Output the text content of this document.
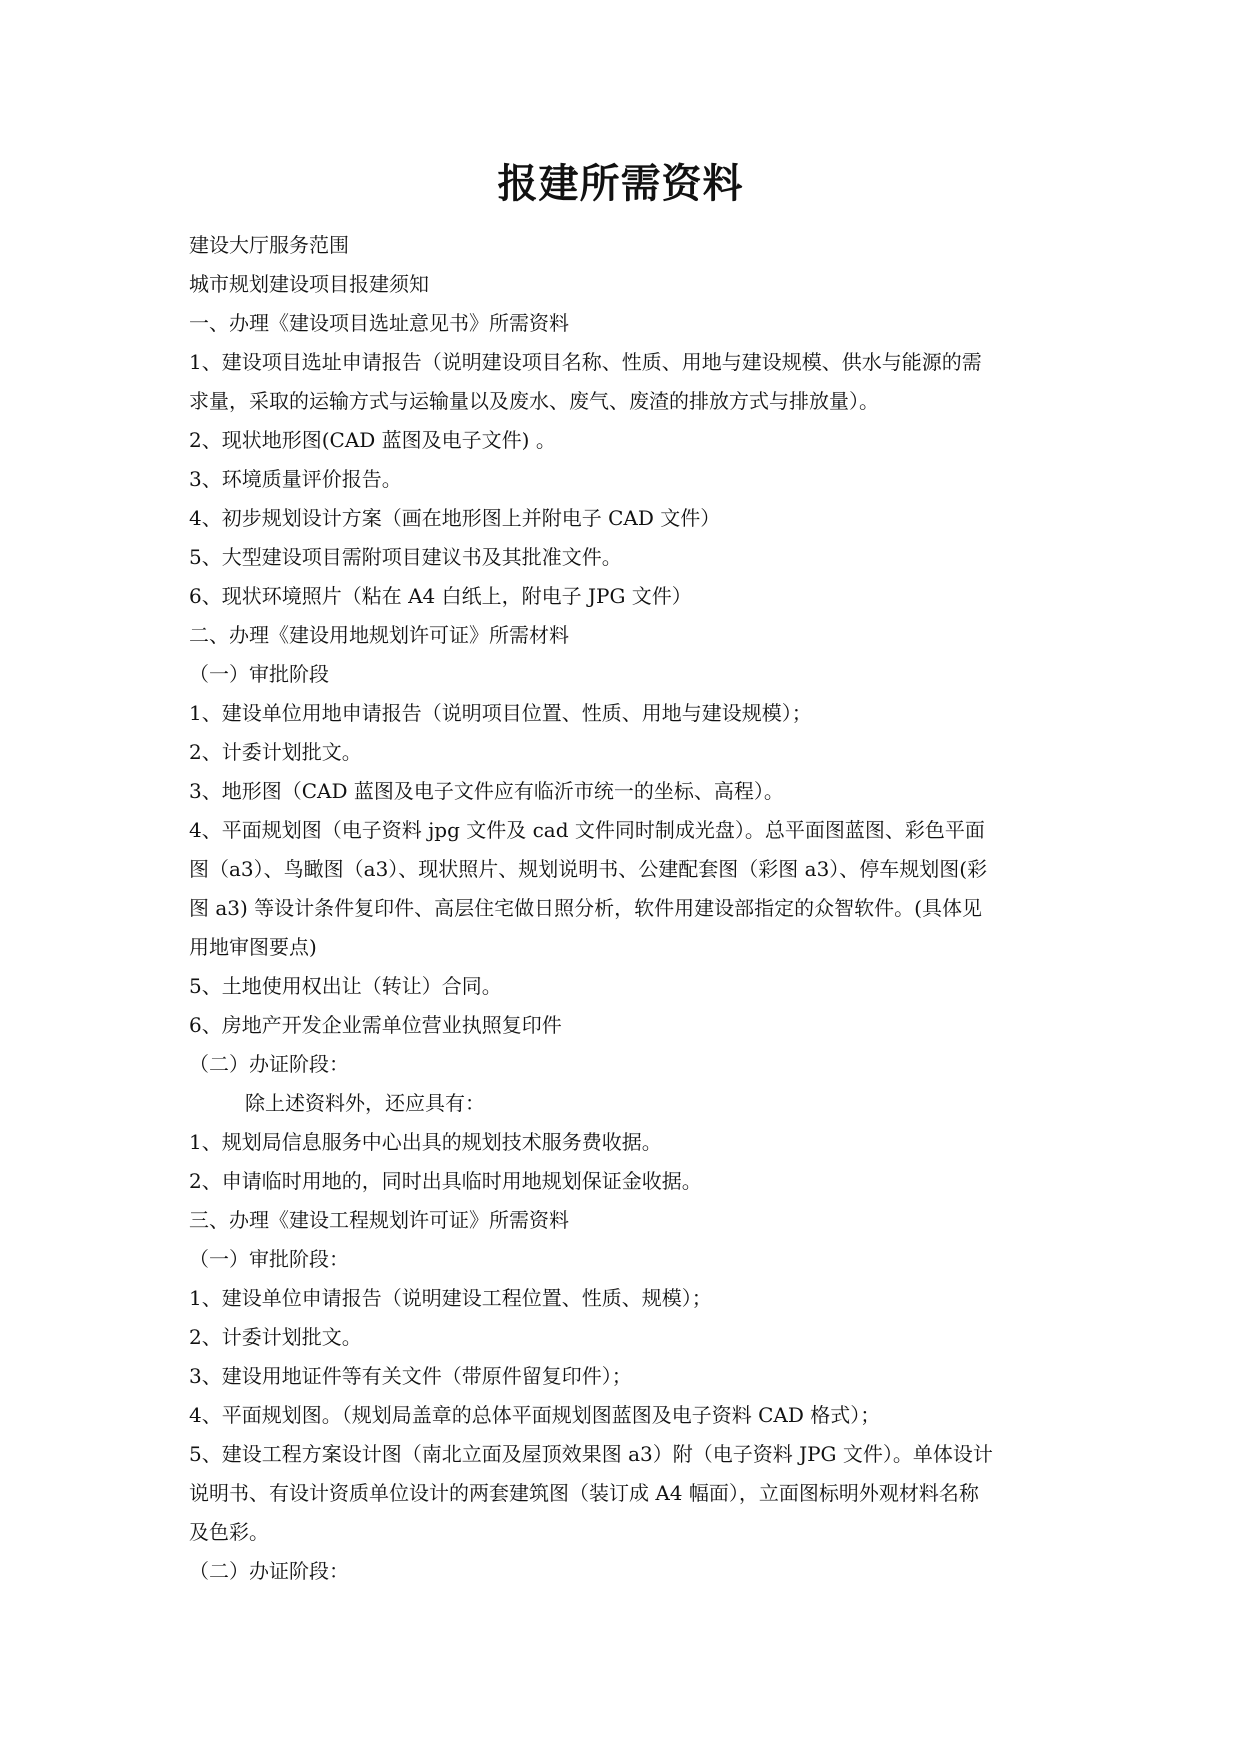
报建所需资料
建设大厅服务范围
城市规划建设项目报建须知
一、办理《建设项目选址意见书》所需资料
1、建设项目选址申请报告（说明建设项目名称、性质、用地与建设规模、供水与能源的需
求量，采取的运输方式与运输量以及废水、废气、废渣的排放方式与排放量）。
2、现状地形图(CAD 蓝图及电子文件) 。
3、环境质量评价报告。
4、初步规划设计方案（画在地形图上并附电子 CAD 文件）
5、大型建设项目需附项目建议书及其批准文件。
6、现状环境照片（粘在 A4 白纸上，附电子 JPG 文件）
二、办理《建设用地规划许可证》所需材料
（一）审批阶段
1、建设单位用地申请报告（说明项目位置、性质、用地与建设规模）；
2、计委计划批文。
3、地形图（CAD 蓝图及电子文件应有临沂市统一的坐标、高程）。
4、平面规划图（电子资料 jpg 文件及 cad 文件同时制成光盘）。总平面图蓝图、彩色平面
图（a3）、鸟瞰图（a3）、现状照片、规划说明书、公建配套图（彩图 a3）、停车规划图(彩
图 a3) 等设计条件复印件、高层住宅做日照分析，软件用建设部指定的众智软件。(具体见
用地审图要点)
5、土地使用权出让（转让）合同。
6、房地产开发企业需单位营业执照复印件
（二）办证阶段：
除上述资料外，还应具有：
1、规划局信息服务中心出具的规划技术服务费收据。
2、申请临时用地的，同时出具临时用地规划保证金收据。
三、办理《建设工程规划许可证》所需资料
（一）审批阶段：
1、建设单位申请报告（说明建设工程位置、性质、规模）；
2、计委计划批文。
3、建设用地证件等有关文件（带原件留复印件）；
4、平面规划图。（规划局盖章的总体平面规划图蓝图及电子资料 CAD 格式）；
5、建设工程方案设计图（南北立面及屋顶效果图 a3）附（电子资料 JPG 文件）。单体设计
说明书、有设计资质单位设计的两套建筑图（装订成 A4 幅面），立面图标明外观材料名称
及色彩。
（二）办证阶段：
